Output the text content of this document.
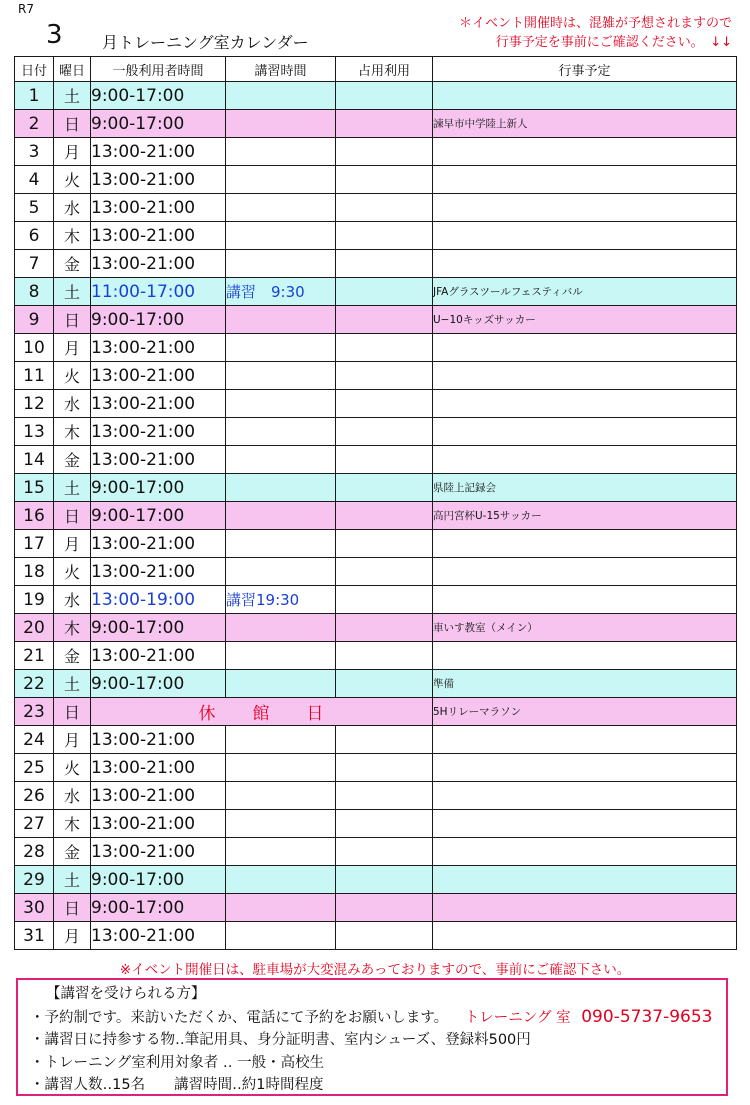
R7
3 月トレーニング室カレンダー
＊イベント開催時は、混雑が予想されますので
行事予定を事前にご確認ください。　↓↓
日付	曜日	一般利用者時間	講習時間	占用利用	行事予定
1	土	9:00-17:00			
2	日	9:00-17:00			諫早市中学陸上新人
3	月	13:00-21:00			
4	火	13:00-21:00			
5	水	13:00-21:00			
6	木	13:00-21:00			
7	金	13:00-21:00			
8	土	11:00-17:00	講習　9:30		JFAグラスツールフェスティバル
9	日	9:00-17:00			U−10キッズサッカー
10	月	13:00-21:00			
11	火	13:00-21:00			
12	水	13:00-21:00			
13	木	13:00-21:00			
14	金	13:00-21:00			
15	土	9:00-17:00			県陸上記録会
16	日	9:00-17:00			高円宮杯U-15サッカー
17	月	13:00-21:00			
18	火	13:00-21:00			
19	水	13:00-19:00	講習19:30		
20	木	9:00-17:00			車いす教室（メイン）
21	金	13:00-21:00			
22	土	9:00-17:00			準備
23	日	休　　館　　日			5Hリレーマラソン
24	月	13:00-21:00			
25	火	13:00-21:00			
26	水	13:00-21:00			
27	木	13:00-21:00			
28	金	13:00-21:00			
29	土	9:00-17:00			
30	日	9:00-17:00			
31	月	13:00-21:00			
※イベント開催日は、駐車場が大変混みあっておりますので、事前にご確認下さい。
【講習を受けられる方】
・予約制です。来訪いただくか、電話にて予約をお願いします。 トレーニング 室 090-5737-9653
・講習日に持参する物‥筆記用具、身分証明書、室内シューズ、登録料500円
・トレーニング室利用対象者 ‥ 一般・高校生
・講習人数‥15名　　講習時間‥約1時間程度
